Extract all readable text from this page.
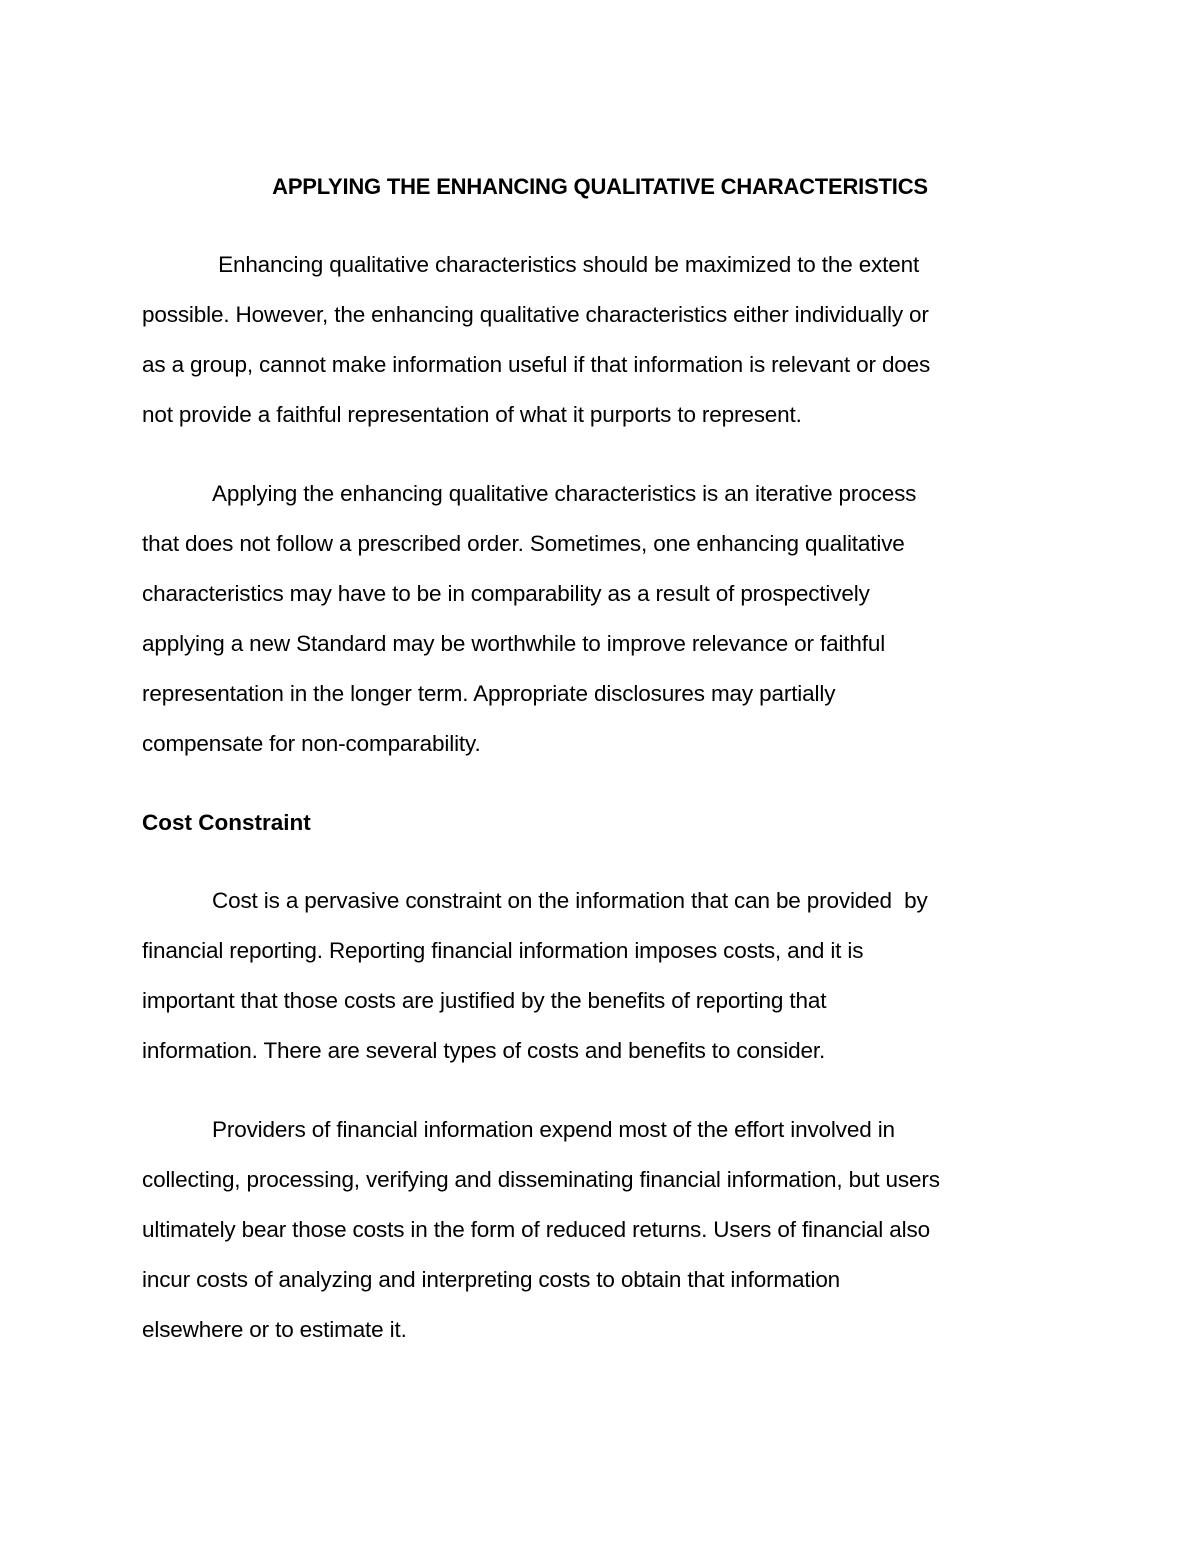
APPLYING THE ENHANCING QUALITATIVE CHARACTERISTICS
Enhancing qualitative characteristics should be maximized to the extent
possible. However, the enhancing qualitative characteristics either individually or
as a group, cannot make information useful if that information is relevant or does
not provide a faithful representation of what it purports to represent.
Applying the enhancing qualitative characteristics is an iterative process
that does not follow a prescribed order. Sometimes, one enhancing qualitative
characteristics may have to be in comparability as a result of prospectively
applying a new Standard may be worthwhile to improve relevance or faithful
representation in the longer term. Appropriate disclosures may partially
compensate for non-comparability.
Cost Constraint
Cost is a pervasive constraint on the information that can be provided  by
financial reporting. Reporting financial information imposes costs, and it is
important that those costs are justified by the benefits of reporting that
information. There are several types of costs and benefits to consider.
Providers of financial information expend most of the effort involved in
collecting, processing, verifying and disseminating financial information, but users
ultimately bear those costs in the form of reduced returns. Users of financial also
incur costs of analyzing and interpreting costs to obtain that information
elsewhere or to estimate it.
